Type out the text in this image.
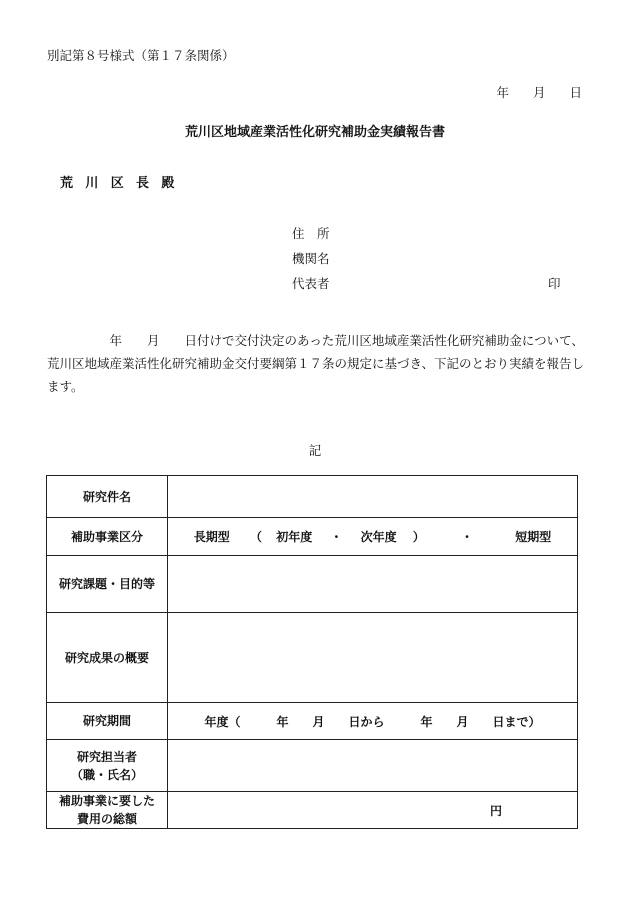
別記第８号様式（第１７条関係）
年 月 日
荒川区地域産業活性化研究補助金実績報告書
荒川区長殿
住　所
機関名
代表者	印
　　　　　年　　月　　日付けで交付決定のあった荒川区地域産業活性化研究補助金について、荒川区地域産業活性化研究補助金交付要綱第１７条の規定に基づき、下記のとおり実績を報告します。
記
研究件名	
補助事業区分	長期型 （ 初年度 ・ 次年度 ） ・ 短期型
研究課題・目的等	
研究成果の概要	
研究期間	年度（　　　年　　月　　日から　　　年　　月　　日まで）

研究担当者
（職・氏名）	

補助事業に要した
費用の総額	円
